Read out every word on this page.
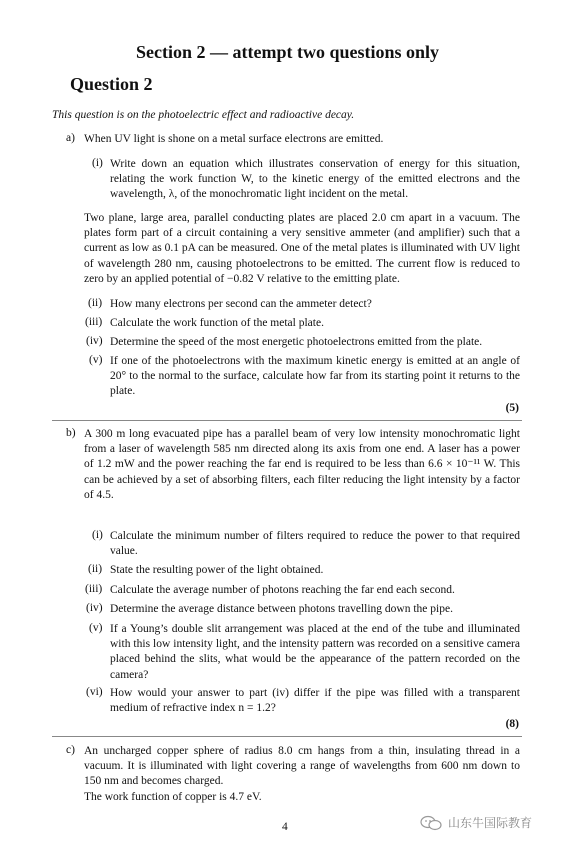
Section 2 — attempt two questions only
Question 2
This question is on the photoelectric effect and radioactive decay.
a) When UV light is shone on a metal surface electrons are emitted.
(i) Write down an equation which illustrates conservation of energy for this situation, relating the work function W, to the kinetic energy of the emitted electrons and the wavelength, λ, of the monochromatic light incident on the metal.
Two plane, large area, parallel conducting plates are placed 2.0 cm apart in a vacuum. The plates form part of a circuit containing a very sensitive ammeter (and amplifier) such that a current as low as 0.1 pA can be measured. One of the metal plates is illuminated with UV light of wavelength 280 nm, causing photoelectrons to be emitted. The current flow is reduced to zero by an applied potential of −0.82 V relative to the emitting plate.
(ii) How many electrons per second can the ammeter detect?
(iii) Calculate the work function of the metal plate.
(iv) Determine the speed of the most energetic photoelectrons emitted from the plate.
(v) If one of the photoelectrons with the maximum kinetic energy is emitted at an angle of 20° to the normal to the surface, calculate how far from its starting point it returns to the plate.
(5)
b) A 300 m long evacuated pipe has a parallel beam of very low intensity monochromatic light from a laser of wavelength 585 nm directed along its axis from one end. A laser has a power of 1.2 mW and the power reaching the far end is required to be less than 6.6 × 10⁻¹¹ W. This can be achieved by a set of absorbing filters, each filter reducing the light intensity by a factor of 4.5.
(i) Calculate the minimum number of filters required to reduce the power to that required value.
(ii) State the resulting power of the light obtained.
(iii) Calculate the average number of photons reaching the far end each second.
(iv) Determine the average distance between photons travelling down the pipe.
(v) If a Young’s double slit arrangement was placed at the end of the tube and illuminated with this low intensity light, and the intensity pattern was recorded on a sensitive camera placed behind the slits, what would be the appearance of the pattern recorded on the camera?
(vi) How would your answer to part (iv) differ if the pipe was filled with a transparent medium of refractive index n = 1.2?
(8)
c) An uncharged copper sphere of radius 8.0 cm hangs from a thin, insulating thread in a vacuum. It is illuminated with light covering a range of wavelengths from 600 nm down to 150 nm and becomes charged.
The work function of copper is 4.7 eV.
4	山东牛国际教育
